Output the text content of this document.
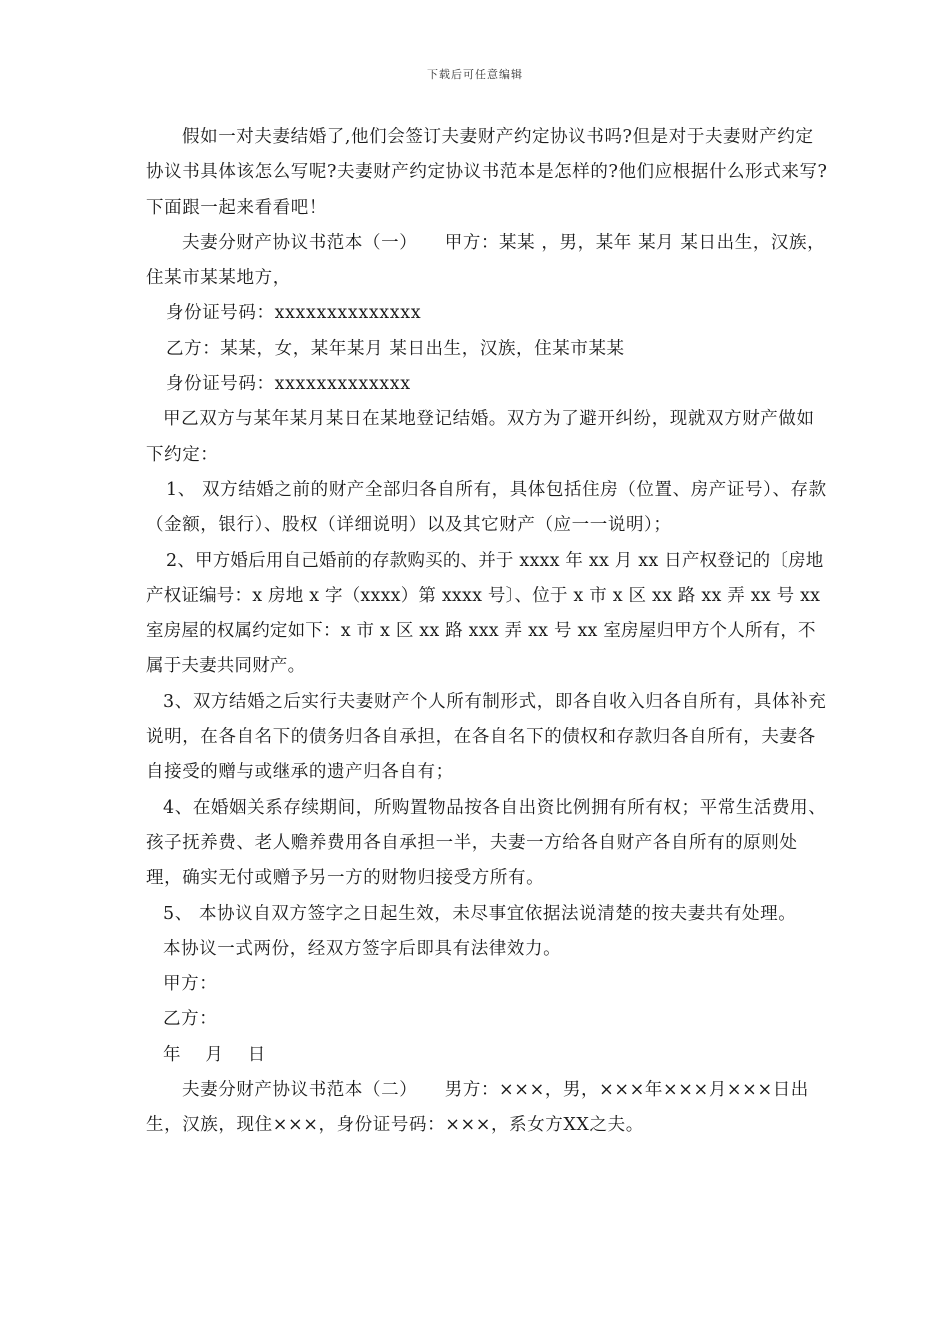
下载后可任意编辑

假如一对夫妻结婚了,他们会签订夫妻财产约定协议书吗?但是对于夫妻财产约定协议书具体该怎么写呢?夫妻财产约定协议书范本是怎样的?他们应根据什么形式来写?下面跟一起来看看吧！

夫妻分财产协议书范本（一）　　甲方：某某 ，男，某年 某月 某日出生，汉族，住某市某某地方，

身份证号码：xxxxxxxxxxxxxx

乙方：某某，女，某年某月 某日出生，汉族，住某市某某

身份证号码：xxxxxxxxxxxxx

甲乙双方与某年某月某日在某地登记结婚。双方为了避开纠纷，现就双方财产做如下约定：

1、 双方结婚之前的财产全部归各自所有，具体包括住房（位置、房产证号）、存款（金额，银行）、股权（详细说明）以及其它财产（应一一说明）；

2、甲方婚后用自己婚前的存款购买的、并于 xxxx 年 xx 月 xx 日产权登记的〔房地产权证编号：x 房地 x 字（xxxx）第 xxxx 号〕、位于 x 市 x 区 xx 路 xx 弄 xx 号 xx 室房屋的权属约定如下：x 市 x 区 xx 路 xxx 弄 xx 号 xx 室房屋归甲方个人所有，不属于夫妻共同财产。

3、双方结婚之后实行夫妻财产个人所有制形式，即各自收入归各自所有，具体补充说明，在各自名下的债务归各自承担，在各自名下的债权和存款归各自所有，夫妻各自接受的赠与或继承的遗产归各自有；

4、在婚姻关系存续期间，所购置物品按各自出资比例拥有所有权；平常生活费用、孩子抚养费、老人赡养费用各自承担一半，夫妻一方给各自财产各自所有的原则处理，确实无付或赠予另一方的财物归接受方所有。

5、 本协议自双方签字之日起生效，未尽事宜依据法说清楚的按夫妻共有处理。

本协议一式两份，经双方签字后即具有法律效力。

甲方：

乙方：

年　 月　 日

夫妻分财产协议书范本（二）　　男方：×××，男，×××年×××月×××日出生，汉族，现住×××，身份证号码：×××，系女方XX之夫。
